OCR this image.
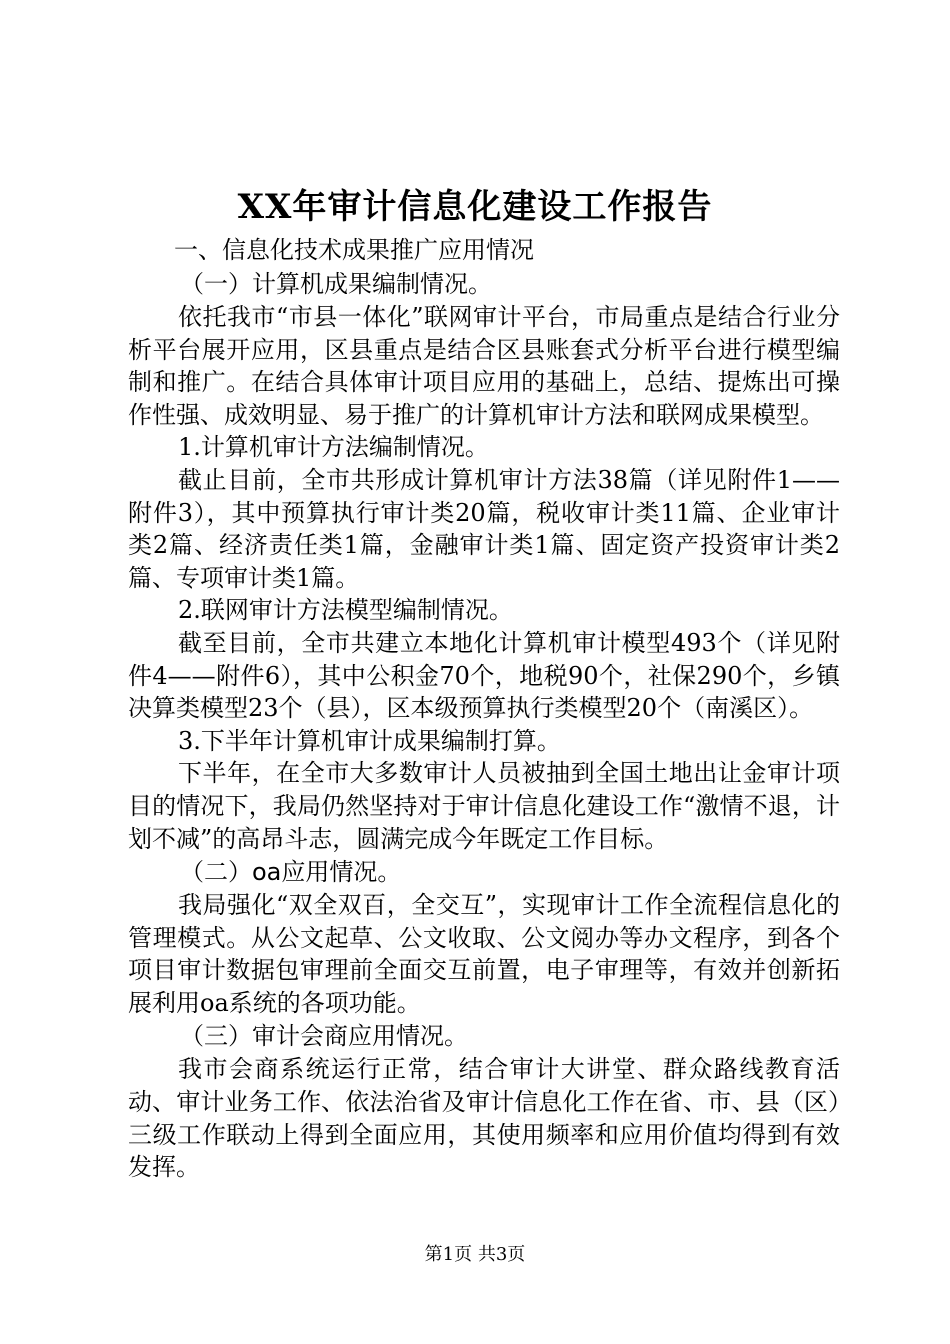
XX年审计信息化建设工作报告
一、信息化技术成果推广应用情况
（一）计算机成果编制情况。

依托我市“市县一体化”联网审计平台，市局重点是结合行业分析平台展开应用，区县重点是结合区县账套式分析平台进行模型编制和推广。在结合具体审计项目应用的基础上，总结、提炼出可操作性强、成效明显、易于推广的计算机审计方法和联网成果模型。

1.计算机审计方法编制情况。

截止目前，全市共形成计算机审计方法38篇（详见附件1——附件3），其中预算执行审计类20篇，税收审计类11篇、企业审计类2篇、经济责任类1篇，金融审计类1篇、固定资产投资审计类2篇、专项审计类1篇。

2.联网审计方法模型编制情况。

截至目前，全市共建立本地化计算机审计模型493个（详见附件4——附件6），其中公积金70个，地税90个，社保290个，乡镇决算类模型23个（县），区本级预算执行类模型20个（南溪区）。

3.下半年计算机审计成果编制打算。

下半年，在全市大多数审计人员被抽到全国土地出让金审计项目的情况下，我局仍然坚持对于审计信息化建设工作“激情不退，计划不减”的高昂斗志，圆满完成今年既定工作目标。

（二）oa应用情况。

我局强化“双全双百，全交互”，实现审计工作全流程信息化的管理模式。从公文起草、公文收取、公文阅办等办文程序，到各个项目审计数据包审理前全面交互前置，电子审理等，有效并创新拓展利用oa系统的各项功能。

（三）审计会商应用情况。

我市会商系统运行正常，结合审计大讲堂、群众路线教育活动、审计业务工作、依法治省及审计信息化工作在省、市、县（区）三级工作联动上得到全面应用，其使用频率和应用价值均得到有效发挥。

第1页 共3页
